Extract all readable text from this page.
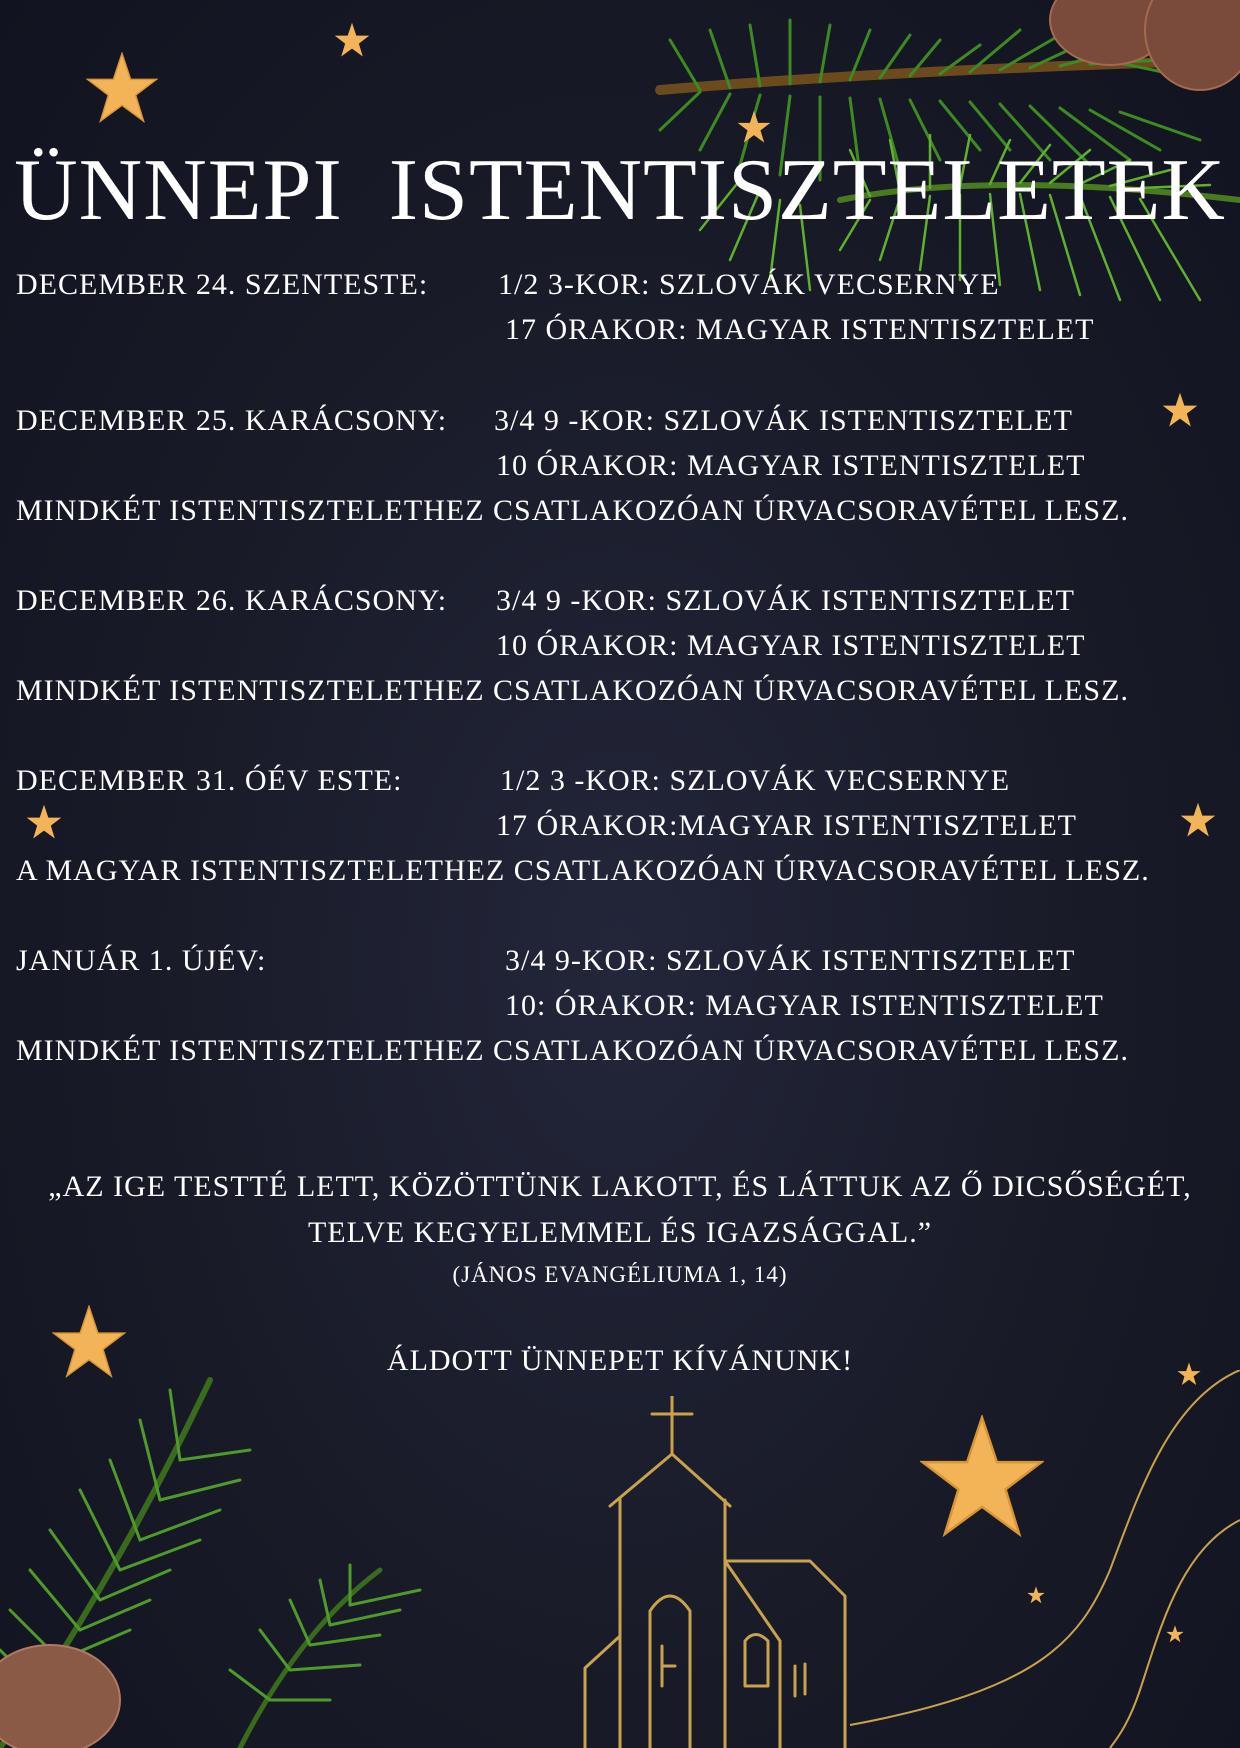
ÜNNEPI  ISTENTISZTELETEK
DECEMBER 24. SZENTESTE: 1/2 3-KOR: SZLOVÁK VECSERNYE
17 ÓRAKOR: MAGYAR ISTENTISZTELET
DECEMBER 25. KARÁCSONY: 3/4 9 -KOR: SZLOVÁK ISTENTISZTELET
10 ÓRAKOR: MAGYAR ISTENTISZTELET
MINDKÉT ISTENTISZTELETHEZ CSATLAKOZÓAN ÚRVACSORAVÉTEL LESZ.
DECEMBER 26. KARÁCSONY: 3/4 9 -KOR: SZLOVÁK ISTENTISZTELET
10 ÓRAKOR: MAGYAR ISTENTISZTELET
MINDKÉT ISTENTISZTELETHEZ CSATLAKOZÓAN ÚRVACSORAVÉTEL LESZ.
DECEMBER 31. ÓÉV ESTE:	1/2 3 -KOR: SZLOVÁK VECSERNYE
17 ÓRAKOR:MAGYAR ISTENTISZTELET
A MAGYAR ISTENTISZTELETHEZ CSATLAKOZÓAN ÚRVACSORAVÉTEL LESZ.
JANUÁR 1. ÚJÉV:	3/4 9-KOR: SZLOVÁK ISTENTISZTELET
10: ÓRAKOR: MAGYAR ISTENTISZTELET
MINDKÉT ISTENTISZTELETHEZ CSATLAKOZÓAN ÚRVACSORAVÉTEL LESZ.
„AZ IGE TESTTÉ LETT, KÖZÖTTÜNK LAKOTT, ÉS LÁTTUK AZ Ő DICSŐSÉGÉT,
TELVE KEGYELEMMEL ÉS IGAZSÁGGAL.”
(JÁNOS EVANGÉLIUMA 1, 14)
ÁLDOTT ÜNNEPET KÍVÁNUNK!
